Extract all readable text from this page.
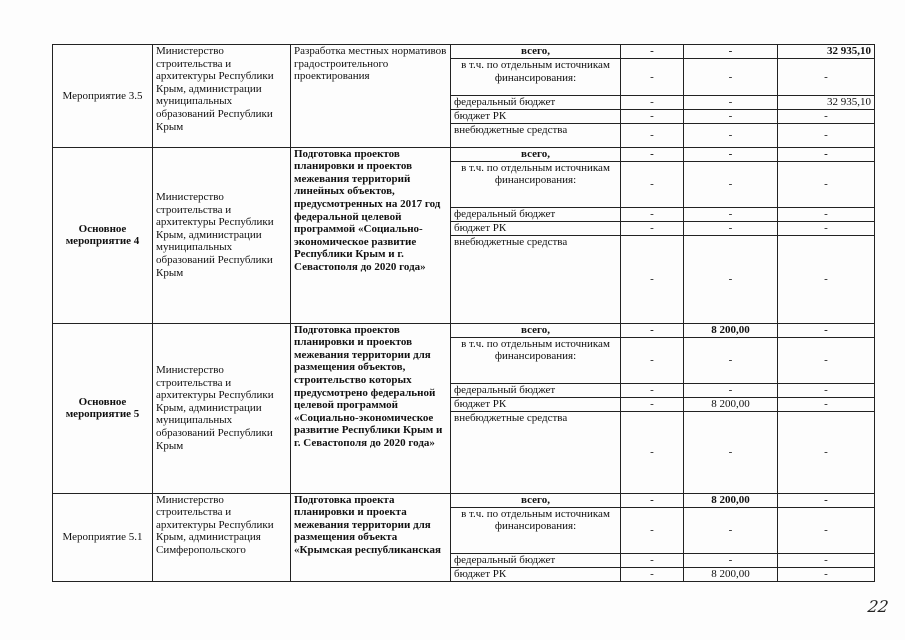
Мероприятие 3.5	Министерство строительства и архитектуры Республики Крым, администрации муниципальных образований Республики Крым	Разработка местных нормативов градостроительного проектирования	всего,	-	-	32 935,10
			в т.ч. по отдельным источникам финансирования:	-	-	-
			федеральный бюджет	-	-	32 935,10
			бюджет РК	-	-	-
			внебюджетные средства	-	-	-
Основное мероприятие 4	Министерство строительства и архитектуры Республики Крым, администрации муниципальных образований Республики Крым	Подготовка проектов планировки и проектов межевания территорий линейных объектов, предусмотренных на 2017 год федеральной целевой программой «Социально-экономическое развитие Республики Крым и г. Севастополя до 2020 года»	всего,	-	-	-
			в т.ч. по отдельным источникам финансирования:	-	-	-
			федеральный бюджет	-	-	-
			бюджет РК	-	-	-
			внебюджетные средства	-	-	-
Основное мероприятие 5	Министерство строительства и архитектуры Республики Крым, администрации муниципальных образований Республики Крым	Подготовка проектов планировки и проектов межевания территории для размещения объектов, строительство которых предусмотрено федеральной целевой программой «Социально-экономическое развитие Республики Крым и г. Севастополя до 2020 года»	всего,	-	8 200,00	-
			в т.ч. по отдельным источникам финансирования:	-	-	-
			федеральный бюджет	-	-	-
			бюджет РК	-	8 200,00	-
			внебюджетные средства	-	-	-
Мероприятие 5.1	Министерство строительства и архитектуры Республики Крым, администрация Симферопольского	Подготовка проекта планировки и проекта межевания территории для размещения объекта «Крымская республиканская	всего,	-	8 200,00	-
			в т.ч. по отдельным источникам финансирования:	-	-	-
			федеральный бюджет	-	-	-
			бюджет РК	-	8 200,00	-
22
